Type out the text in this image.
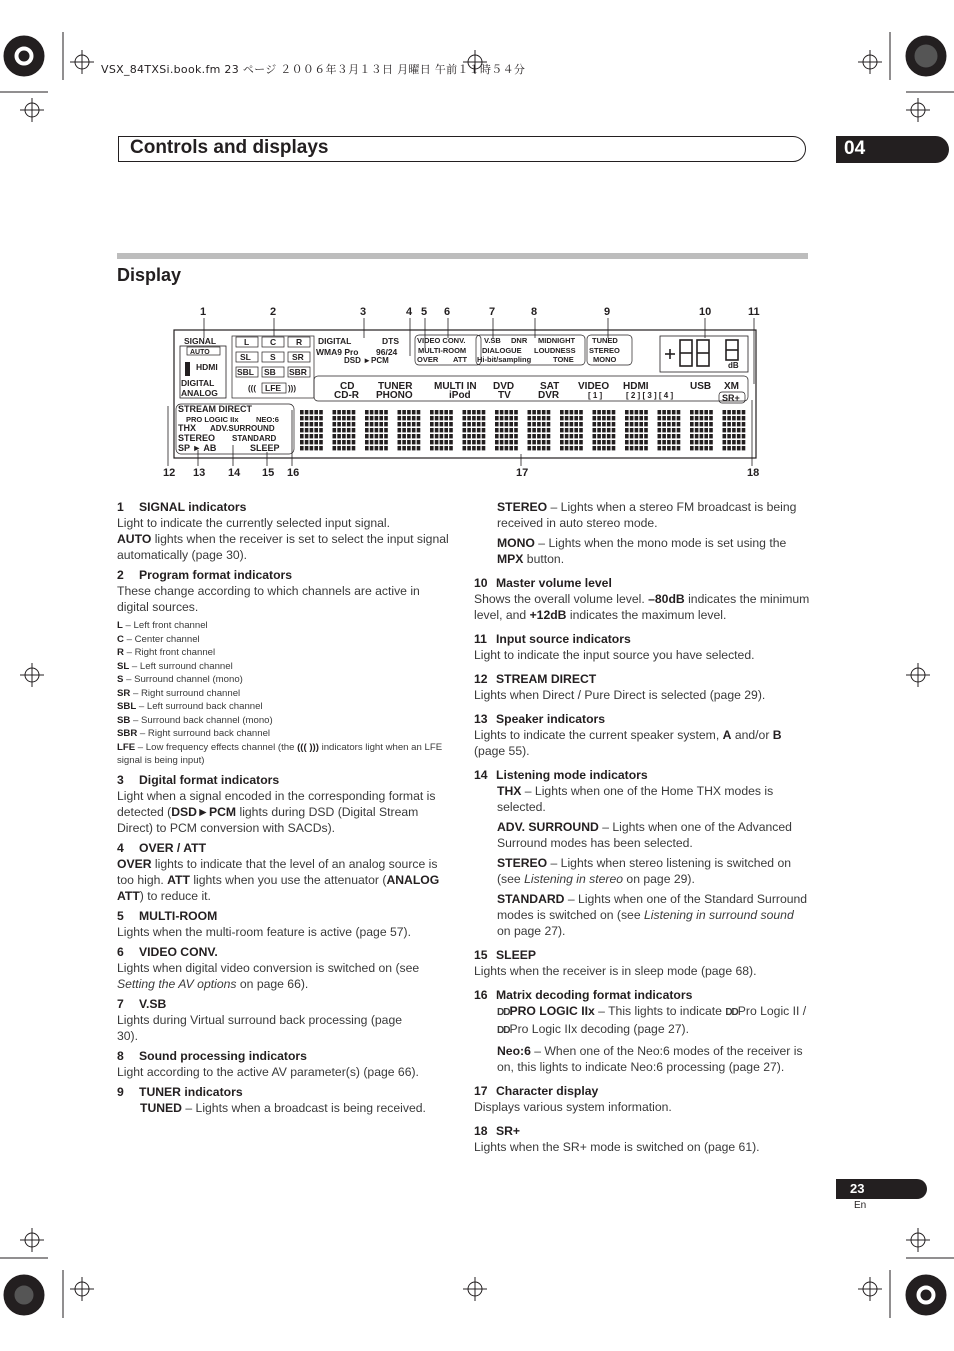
VSX_84TXSi.book.fm 23 ページ ２００６年３月１３日 月曜日 午前１１時５４分
Controls and displays	04
Display
1	2	3	4 5 6	7	8	9	10	11
12 13 14 15 16	17	18
SIGNAL
AUTO
HDMI
DIGITAL
ANALOG
L C R
SL S SR
SBL SB SBR
((( LFE )))
DIGITAL	DTS
WMA9 Pro 96/24
DSD ►PCM
VIDEO CONV. V.SB
MULTI-ROOM
OVER ATT
DNR MIDNIGHT
DIALOGUE LOUDNESS
Hi-bit/sampling	TONE
TUNED
STEREO
MONO
dB
CD
CD-R
TUNER
PHONO
MULTI IN
iPod
DVD
TV
SAT
DVR
VIDEO
[ 1 ]
HDMI
[ 2 ] [ 3 ] [ 4 ]
USB XM
SR+
STREAM DIRECT
PRO LOGIC IIx NEO:6
THX ADV.SURROUND
STEREO STANDARD
SP ► AB	SLEEP
1 SIGNAL indicators
Light to indicate the currently selected input signal.
AUTO lights when the receiver is set to select the input signal automatically (page 30).
2 Program format indicators
These change according to which channels are active in digital sources.
L – Left front channel
C – Center channel
R – Right front channel
SL – Left surround channel
S – Surround channel (mono)
SR – Right surround channel
SBL – Left surround back channel
SB – Surround back channel (mono)
SBR – Right surround back channel
LFE – Low frequency effects channel (the ((( ))) indicators light when an LFE signal is being input)
3 Digital format indicators
Light when a signal encoded in the corresponding format is detected (DSD►PCM lights during DSD (Digital Stream Direct) to PCM conversion with SACDs).
4 OVER / ATT
OVER lights to indicate that the level of an analog source is too high. ATT lights when you use the attenuator (ANALOG ATT) to reduce it.
5 MULTI-ROOM
Lights when the multi-room feature is active (page 57).
6 VIDEO CONV.
Lights when digital video conversion is switched on (see Setting the AV options on page 66).
7 V.SB
Lights during Virtual surround back processing (page 30).
8 Sound processing indicators
Light according to the active AV parameter(s) (page 66).
9 TUNER indicators
TUNED – Lights when a broadcast is being received.
STEREO – Lights when a stereo FM broadcast is being received in auto stereo mode.
MONO – Lights when the mono mode is set using the MPX button.
10 Master volume level
Shows the overall volume level. –80dB indicates the minimum level, and +12dB indicates the maximum level.
11 Input source indicators
Light to indicate the input source you have selected.
12 STREAM DIRECT
Lights when Direct / Pure Direct is selected (page 29).
13 Speaker indicators
Lights to indicate the current speaker system, A and/or B (page 55).
14 Listening mode indicators
THX – Lights when one of the Home THX modes is selected.
ADV. SURROUND – Lights when one of the Advanced Surround modes has been selected.
STEREO – Lights when stereo listening is switched on (see Listening in stereo on page 29).
STANDARD – Lights when one of the Standard Surround modes is switched on (see Listening in surround sound on page 27).
15 SLEEP
Lights when the receiver is in sleep mode (page 68).
16 Matrix decoding format indicators
DDPRO LOGIC IIx – This lights to indicate DDPro Logic II / DDPro Logic IIx decoding (page 27).
Neo:6 – When one of the Neo:6 modes of the receiver is on, this lights to indicate Neo:6 processing (page 27).
17 Character display
Displays various system information.
18 SR+
Lights when the SR+ mode is switched on (page 61).
23
En
